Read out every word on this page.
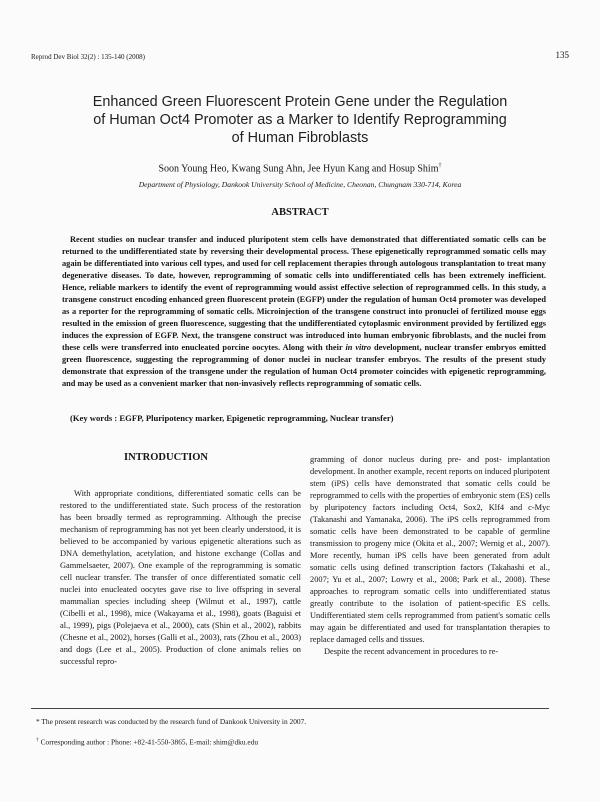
Reprod Dev Biol 32(2) : 135-140 (2008)	135
Enhanced Green Fluorescent Protein Gene under the Regulation
of Human Oct4 Promoter as a Marker to Identify Reprogramming
of Human Fibroblasts
Soon Young Heo, Kwang Sung Ahn, Jee Hyun Kang and Hosup Shim†
Department of Physiology, Dankook University School of Medicine, Cheonan, Chungnam 330-714, Korea
ABSTRACT
Recent studies on nuclear transfer and induced pluripotent stem cells have demonstrated that differentiated somatic cells can be returned to the undifferentiated state by reversing their developmental process. These epigenetically reprogrammed somatic cells may again be differentiated into various cell types, and used for cell replacement therapies through autologous transplantation to treat many degenerative diseases. To date, however, reprogramming of somatic cells into undifferentiated cells has been extremely inefficient. Hence, reliable markers to identify the event of reprogramming would assist effective selection of reprogrammed cells. In this study, a transgene construct encoding enhanced green fluorescent protein (EGFP) under the regulation of human Oct4 promoter was developed as a reporter for the reprogramming of somatic cells. Microinjection of the transgene construct into pronuclei of fertilized mouse eggs resulted in the emission of green fluorescence, suggesting that the undifferentiated cytoplasmic environment provided by fertilized eggs induces the expression of EGFP. Next, the transgene construct was introduced into human embryonic fibroblasts, and the nuclei from these cells were transferred into enucleated porcine oocytes. Along with their in vitro development, nuclear transfer embryos emitted green fluorescence, suggesting the reprogramming of donor nuclei in nuclear transfer embryos. The results of the present study demonstrate that expression of the transgene under the regulation of human Oct4 promoter coincides with epigenetic reprogramming, and may be used as a convenient marker that non-invasively reflects reprogramming of somatic cells.
(Key words : EGFP, Pluripotency marker, Epigenetic reprogramming, Nuclear transfer)
INTRODUCTION

With appropriate conditions, differentiated somatic cells can be restored to the undifferentiated state. Such process of the restoration has been broadly termed as reprogramming. Although the precise mechanism of reprogramming has not yet been clearly understood, it is believed to be accompanied by various epigenetic alterations such as DNA demethylation, acetylation, and histone exchange (Collas and Gammelsaeter, 2007). One example of the reprogramming is somatic cell nuclear transfer. The transfer of once differentiated somatic cell nuclei into enucleated oocytes gave rise to live offspring in several mammalian species including sheep (Wilmut et al., 1997), cattle (Cibelli et al., 1998), mice (Wakayama et al., 1998), goats (Baguisi et al., 1999), pigs (Polejaeva et al., 2000), cats (Shin et al., 2002), rabbits (Chesne et al., 2002), horses (Galli et al., 2003), rats (Zhou et al., 2003) and dogs (Lee et al., 2005). Production of clone animals relies on successful repro-

gramming of donor nucleus during pre- and post- implantation development. In another example, recent reports on induced pluripotent stem (iPS) cells have demonstrated that somatic cells could be reprogrammed to cells with the properties of embryonic stem (ES) cells by pluripotency factors including Oct4, Sox2, Klf4 and c-Myc (Takanashi and Yamanaka, 2006). The iPS cells reprogrammed from somatic cells have been demonstrated to be capable of germline transmission to progeny mice (Okita et al., 2007; Wernig et al., 2007). More recently, human iPS cells have been generated from adult somatic cells using defined transcription factors (Takahashi et al., 2007; Yu et al., 2007; Lowry et al., 2008; Park et al., 2008). These approaches to reprogram somatic cells into undifferentiated status greatly contribute to the isolation of patient-specific ES cells. Undifferentiated stem cells reprogrammed from patient's somatic cells may again be differentiated and used for transplantation therapies to replace damaged cells and tissues.

Despite the recent advancement in procedures to re-

* The present research was conducted by the research fund of Dankook University in 2007.
† Corresponding author : Phone: +82-41-550-3865, E-mail: shim@dku.edu
